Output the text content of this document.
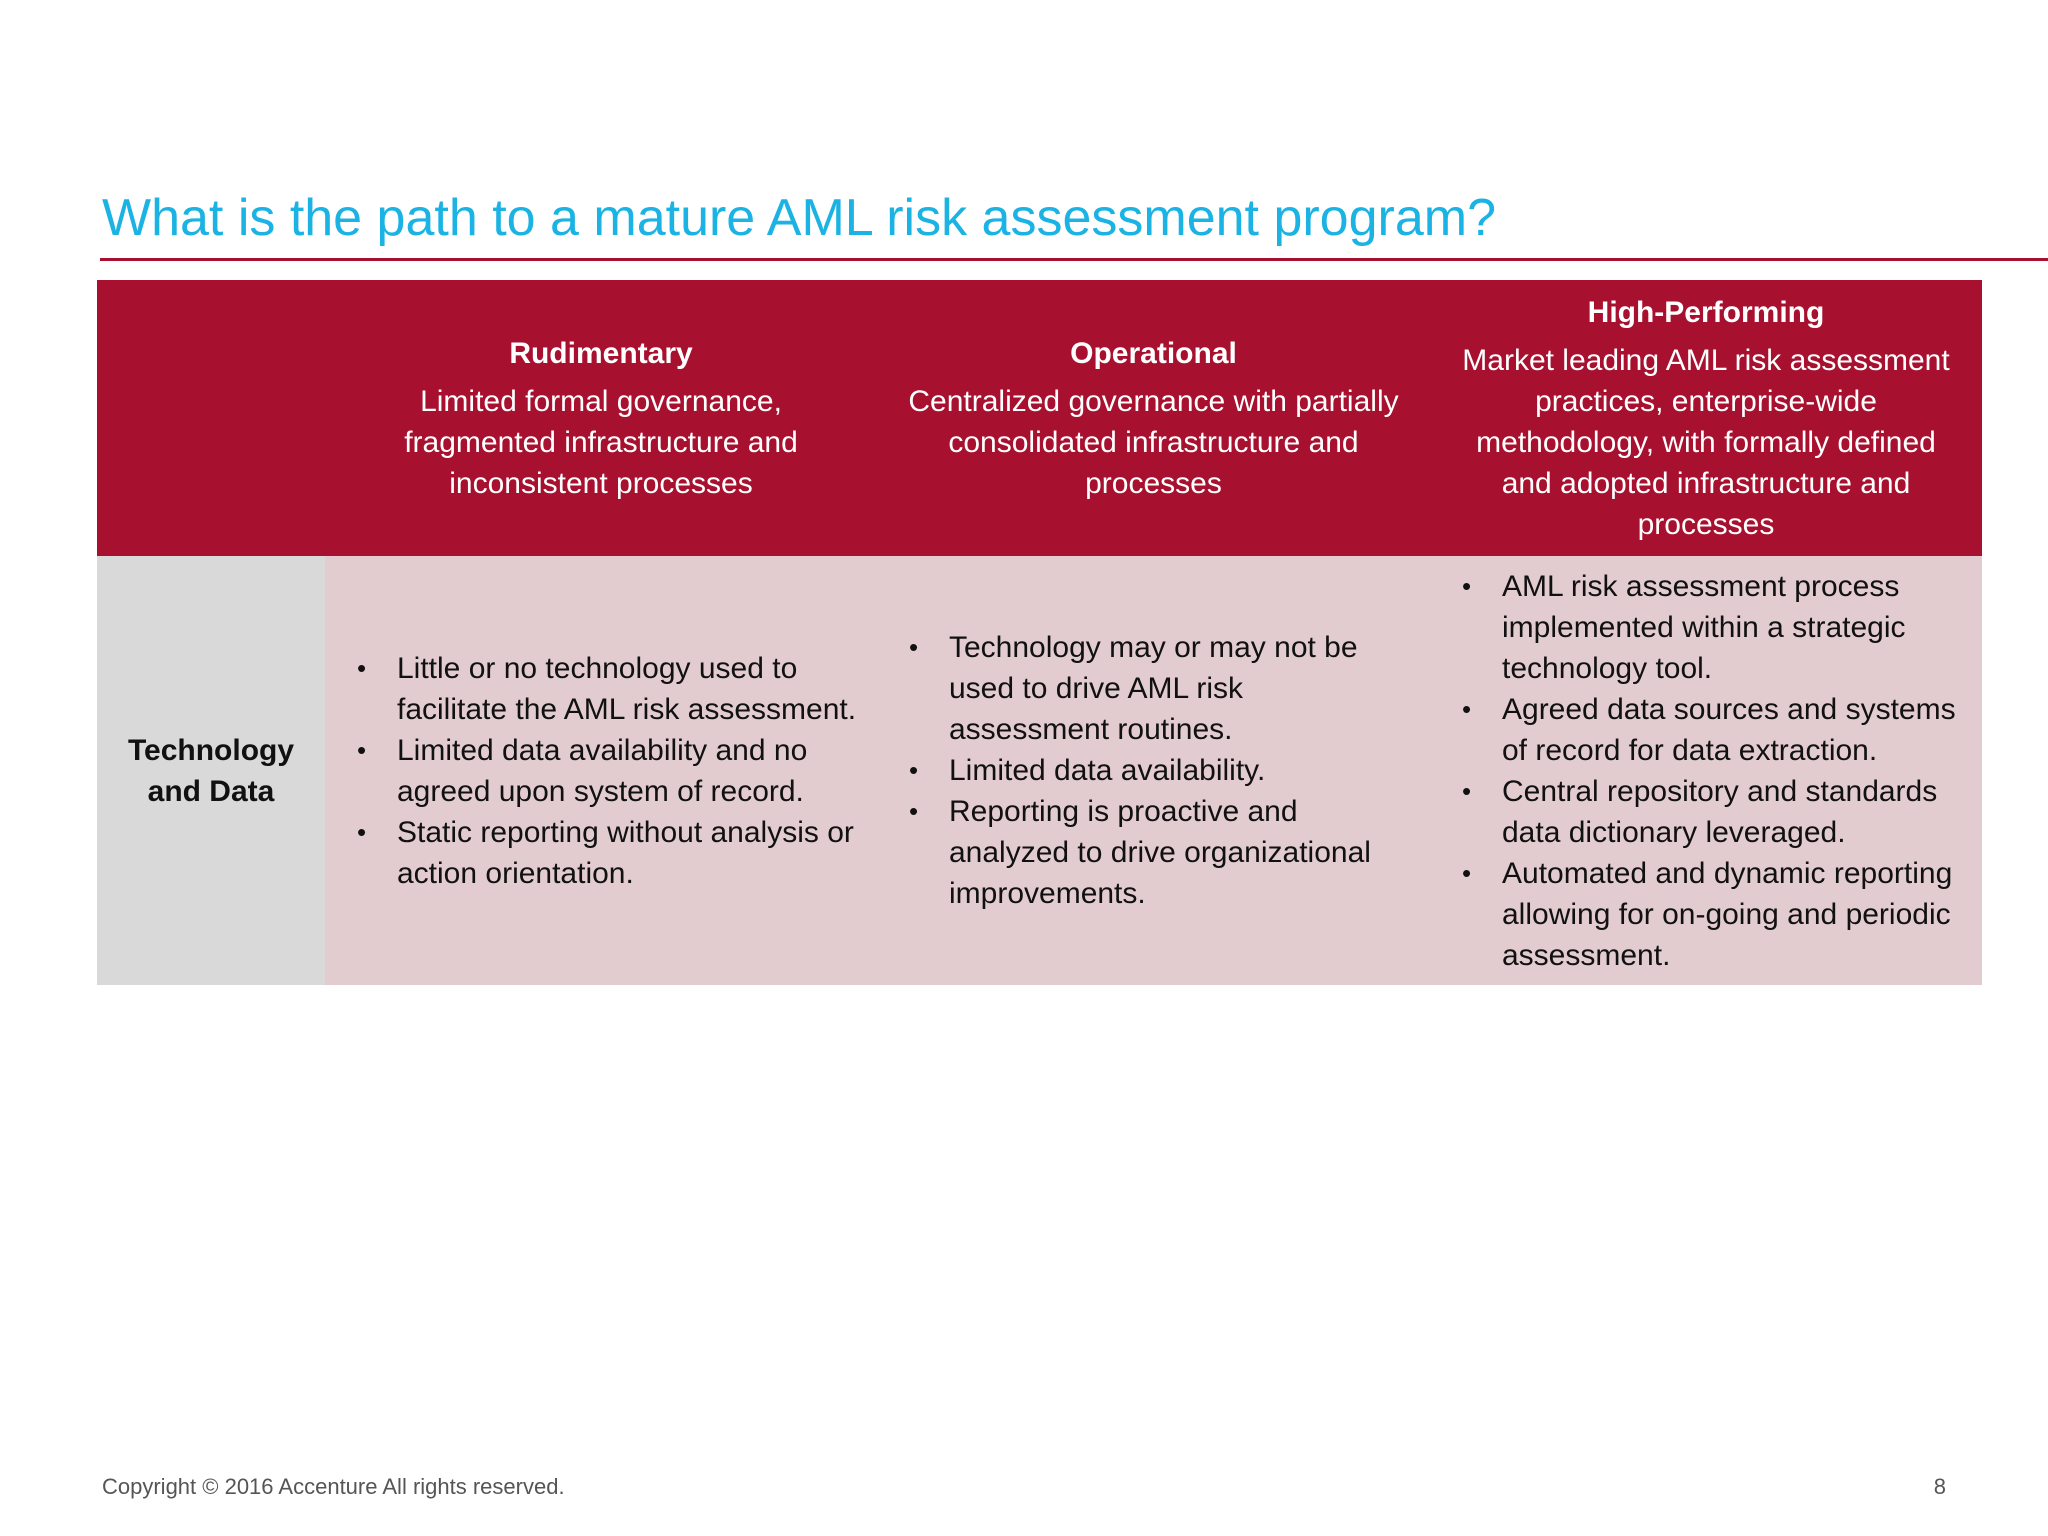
What is the path to a mature AML risk assessment program?
Rudimentary
Limited formal governance, fragmented infrastructure and inconsistent processes
Operational
Centralized governance with partially consolidated infrastructure and processes
High-Performing
Market leading AML risk assessment practices, enterprise-wide methodology, with formally defined and adopted infrastructure and processes
Technology and Data
• Little or no technology used to facilitate the AML risk assessment.
• Limited data availability and no agreed upon system of record.
• Static reporting without analysis or action orientation.
• Technology may or may not be used to drive AML risk assessment routines.
• Limited data availability.
• Reporting is proactive and analyzed to drive organizational improvements.
• AML risk assessment process implemented within a strategic technology tool.
• Agreed data sources and systems of record for data extraction.
• Central repository and standards data dictionary leveraged.
• Automated and dynamic reporting allowing for on-going and periodic assessment.
Copyright © 2016 Accenture All rights reserved.	8
